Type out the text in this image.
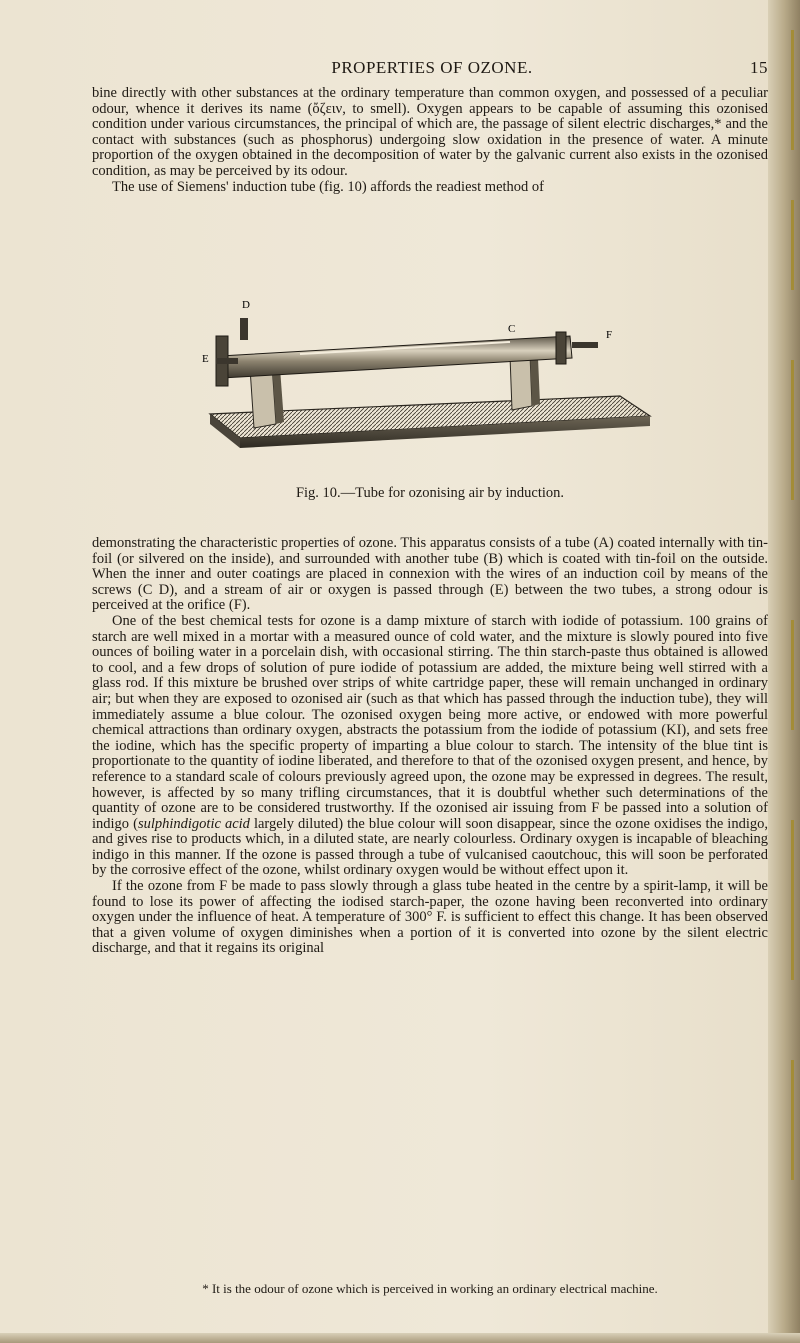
PROPERTIES OF OZONE.	15

bine directly with other substances at the ordinary temperature than common oxygen, and possessed of a peculiar odour, whence it derives its name (ὄζειν, to smell). Oxygen appears to be capable of assuming this ozonised condition under various circumstances, the principal of which are, the passage of silent electric discharges,* and the contact with substances (such as phosphorus) undergoing slow oxidation in the presence of water. A minute proportion of the oxygen obtained in the decomposition of water by the galvanic current also exists in the ozonised condition, as may be perceived by its odour.

The use of Siemens' induction tube (fig. 10) affords the readiest method of

D
C
E
F
Fig. 10.—Tube for ozonising air by induction.

demonstrating the characteristic properties of ozone. This apparatus consists of a tube (A) coated internally with tin-foil (or silvered on the inside), and surrounded with another tube (B) which is coated with tin-foil on the outside. When the inner and outer coatings are placed in connexion with the wires of an induction coil by means of the screws (C D), and a stream of air or oxygen is passed through (E) between the two tubes, a strong odour is perceived at the orifice (F).

One of the best chemical tests for ozone is a damp mixture of starch with iodide of potassium. 100 grains of starch are well mixed in a mortar with a measured ounce of cold water, and the mixture is slowly poured into five ounces of boiling water in a porcelain dish, with occasional stirring. The thin starch-paste thus obtained is allowed to cool, and a few drops of solution of pure iodide of potassium are added, the mixture being well stirred with a glass rod. If this mixture be brushed over strips of white cartridge paper, these will remain unchanged in ordinary air; but when they are exposed to ozonised air (such as that which has passed through the induction tube), they will immediately assume a blue colour. The ozonised oxygen being more active, or endowed with more powerful chemical attractions than ordinary oxygen, abstracts the potassium from the iodide of potassium (KI), and sets free the iodine, which has the specific property of imparting a blue colour to starch. The intensity of the blue tint is proportionate to the quantity of iodine liberated, and therefore to that of the ozonised oxygen present, and hence, by reference to a standard scale of colours previously agreed upon, the ozone may be expressed in degrees. The result, however, is affected by so many trifling circumstances, that it is doubtful whether such determinations of the quantity of ozone are to be considered trustworthy. If the ozonised air issuing from F be passed into a solution of indigo (sulphindigotic acid largely diluted) the blue colour will soon disappear, since the ozone oxidises the indigo, and gives rise to products which, in a diluted state, are nearly colourless. Ordinary oxygen is incapable of bleaching indigo in this manner. If the ozone is passed through a tube of vulcanised caoutchouc, this will soon be perforated by the corrosive effect of the ozone, whilst ordinary oxygen would be without effect upon it.

If the ozone from F be made to pass slowly through a glass tube heated in the centre by a spirit-lamp, it will be found to lose its power of affecting the iodised starch-paper, the ozone having been reconverted into ordinary oxygen under the influence of heat. A temperature of 300° F. is sufficient to effect this change. It has been observed that a given volume of oxygen diminishes when a portion of it is converted into ozone by the silent electric discharge, and that it regains its original

* It is the odour of ozone which is perceived in working an ordinary electrical machine.
